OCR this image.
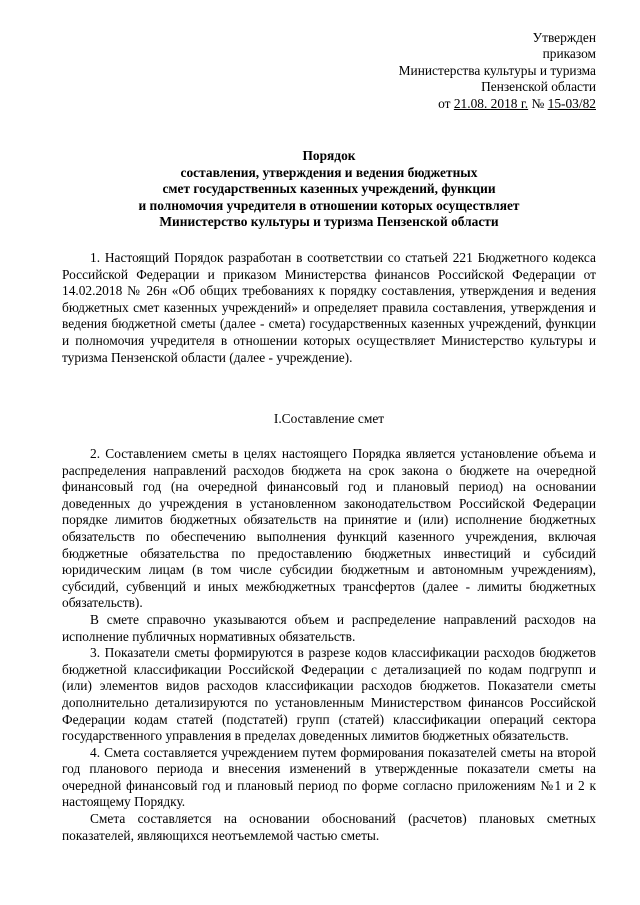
Утвержден
приказом
Министерства культуры и туризма
Пензенской области
от 21.08. 2018 г. № 15-03/82
Порядок
составления, утверждения и ведения бюджетных
смет государственных казенных учреждений, функции
и полномочия учредителя в отношении которых осуществляет
Министерство культуры и туризма Пензенской области

1. Настоящий Порядок разработан в соответствии со статьей 221 Бюджетного кодекса Российской Федерации и приказом Министерства финансов Российской Федерации от 14.02.2018 № 26н «Об общих требованиях к порядку составления, утверждения и ведения бюджетных смет казенных учреждений» и определяет правила составления, утверждения и ведения бюджетной сметы (далее - смета) государственных казенных учреждений, функции и полномочия учредителя в отношении которых осуществляет Министерство культуры и туризма Пензенской области (далее - учреждение).

I.Составление смет

2. Составлением сметы в целях настоящего Порядка является установление объема и распределения направлений расходов бюджета на срок закона о бюджете на очередной финансовый год (на очередной финансовый год и плановый период) на основании доведенных до учреждения в установленном законодательством Российской Федерации порядке лимитов бюджетных обязательств на принятие и (или) исполнение бюджетных обязательств по обеспечению выполнения функций казенного учреждения, включая бюджетные обязательства по предоставлению бюджетных инвестиций и субсидий юридическим лицам (в том числе субсидии бюджетным и автономным учреждениям), субсидий, субвенций и иных межбюджетных трансфертов (далее - лимиты бюджетных обязательств).

В смете справочно указываются объем и распределение направлений расходов на исполнение публичных нормативных обязательств.

3. Показатели сметы формируются в разрезе кодов классификации расходов бюджетов бюджетной классификации Российской Федерации с детализацией по кодам подгрупп и (или) элементов видов расходов классификации расходов бюджетов. Показатели сметы дополнительно детализируются по установленным Министерством финансов Российской Федерации кодам статей (подстатей) групп (статей) классификации операций сектора государственного управления в пределах доведенных лимитов бюджетных обязательств.

4. Смета составляется учреждением путем формирования показателей сметы на второй год планового периода и внесения изменений в утвержденные показатели сметы на очередной финансовый год и плановый период по форме согласно приложениям №1 и 2 к настоящему Порядку.

Смета составляется на основании обоснований (расчетов) плановых сметных показателей, являющихся неотъемлемой частью сметы.
